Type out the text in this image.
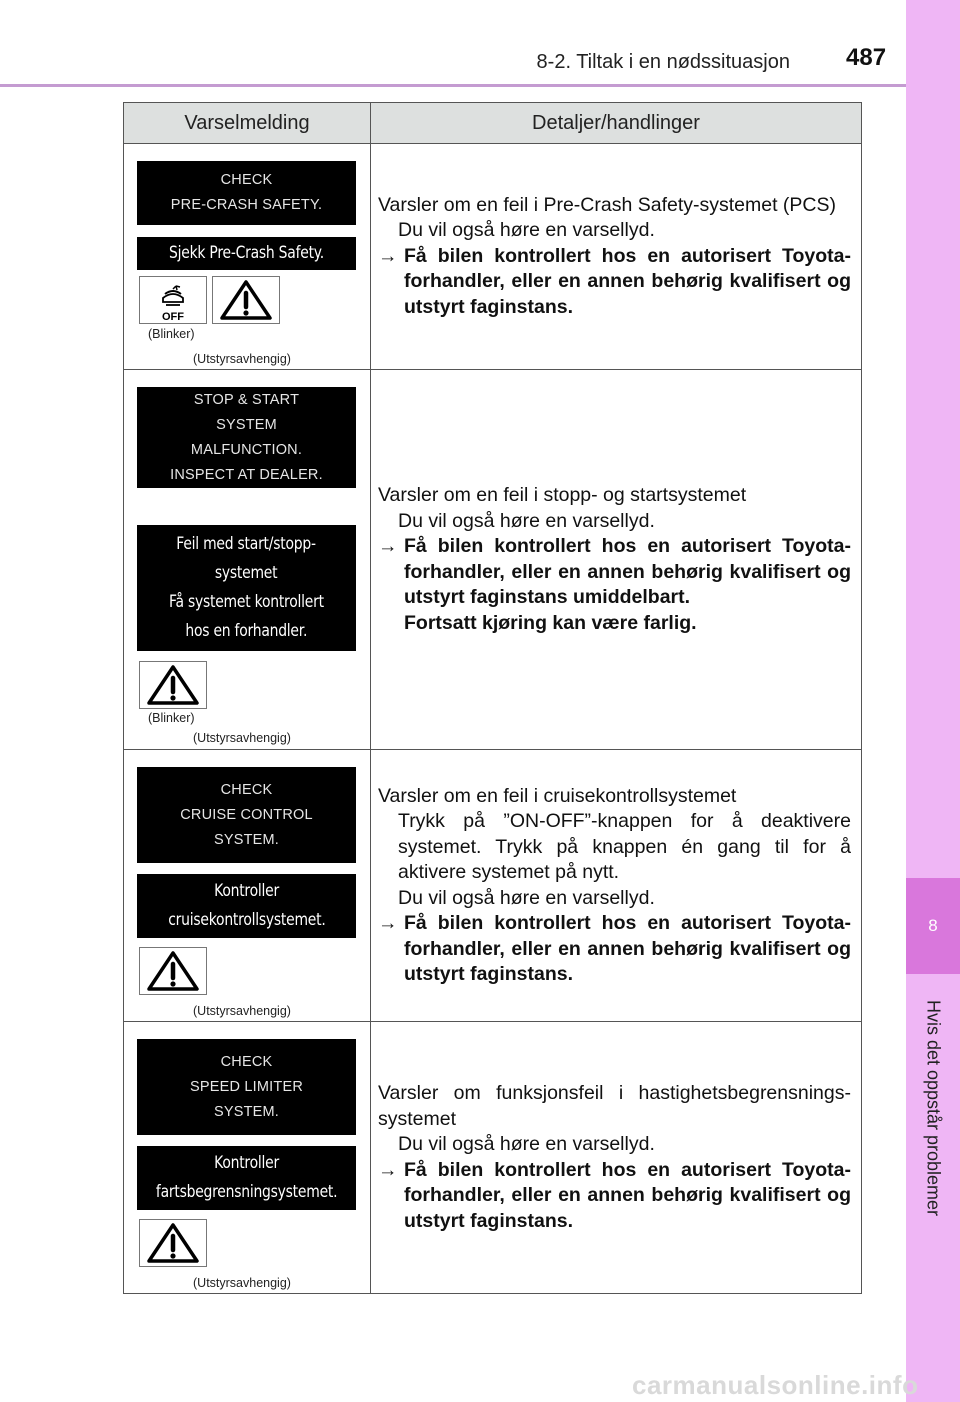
8-2. Tiltak i en nødssituasjon 487
8
Hvis det oppstår problemer
Varselmelding	Detaljer/handlinger
CHECK
PRE-CRASH SAFETY.
Sjekk Pre-Crash Safety.
OFF
(Blinker)
(Utstyrsavhengig)
Varsler om en feil i Pre-Crash Safety-systemet (PCS)
Du vil også høre en varsellyd.
→ Få bilen kontrollert hos en autorisert Toyota-forhandler, eller en annen behørig kvalifisert og utstyrt faginstans.
STOP & START
SYSTEM
MALFUNCTION.
INSPECT AT DEALER.
Feil med start/stopp-
systemet
Få systemet kontrollert
hos en forhandler.
(Blinker)
(Utstyrsavhengig)
Varsler om en feil i stopp- og startsystemet
Du vil også høre en varsellyd.
→ Få bilen kontrollert hos en autorisert Toyota-forhandler, eller en annen behørig kvalifisert og utstyrt faginstans umiddelbart.
Fortsatt kjøring kan være farlig.
CHECK
CRUISE CONTROL
SYSTEM.
Kontroller
cruisekontrollsystemet.
(Utstyrsavhengig)
Varsler om en feil i cruisekontrollsystemet
Trykk på ”ON-OFF”-knappen for å deaktivere systemet. Trykk på knappen én gang til for å aktivere systemet på nytt.
Du vil også høre en varsellyd.
→ Få bilen kontrollert hos en autorisert Toyota-forhandler, eller en annen behørig kvalifisert og utstyrt faginstans.
CHECK
SPEED LIMITER
SYSTEM.
Kontroller
fartsbegrensningsystemet.
(Utstyrsavhengig)
Varsler om funksjonsfeil i hastighetsbegrensnings-systemet
Du vil også høre en varsellyd.
→ Få bilen kontrollert hos en autorisert Toyota-forhandler, eller en annen behørig kvalifisert og utstyrt faginstans.
carmanualsonline.info
